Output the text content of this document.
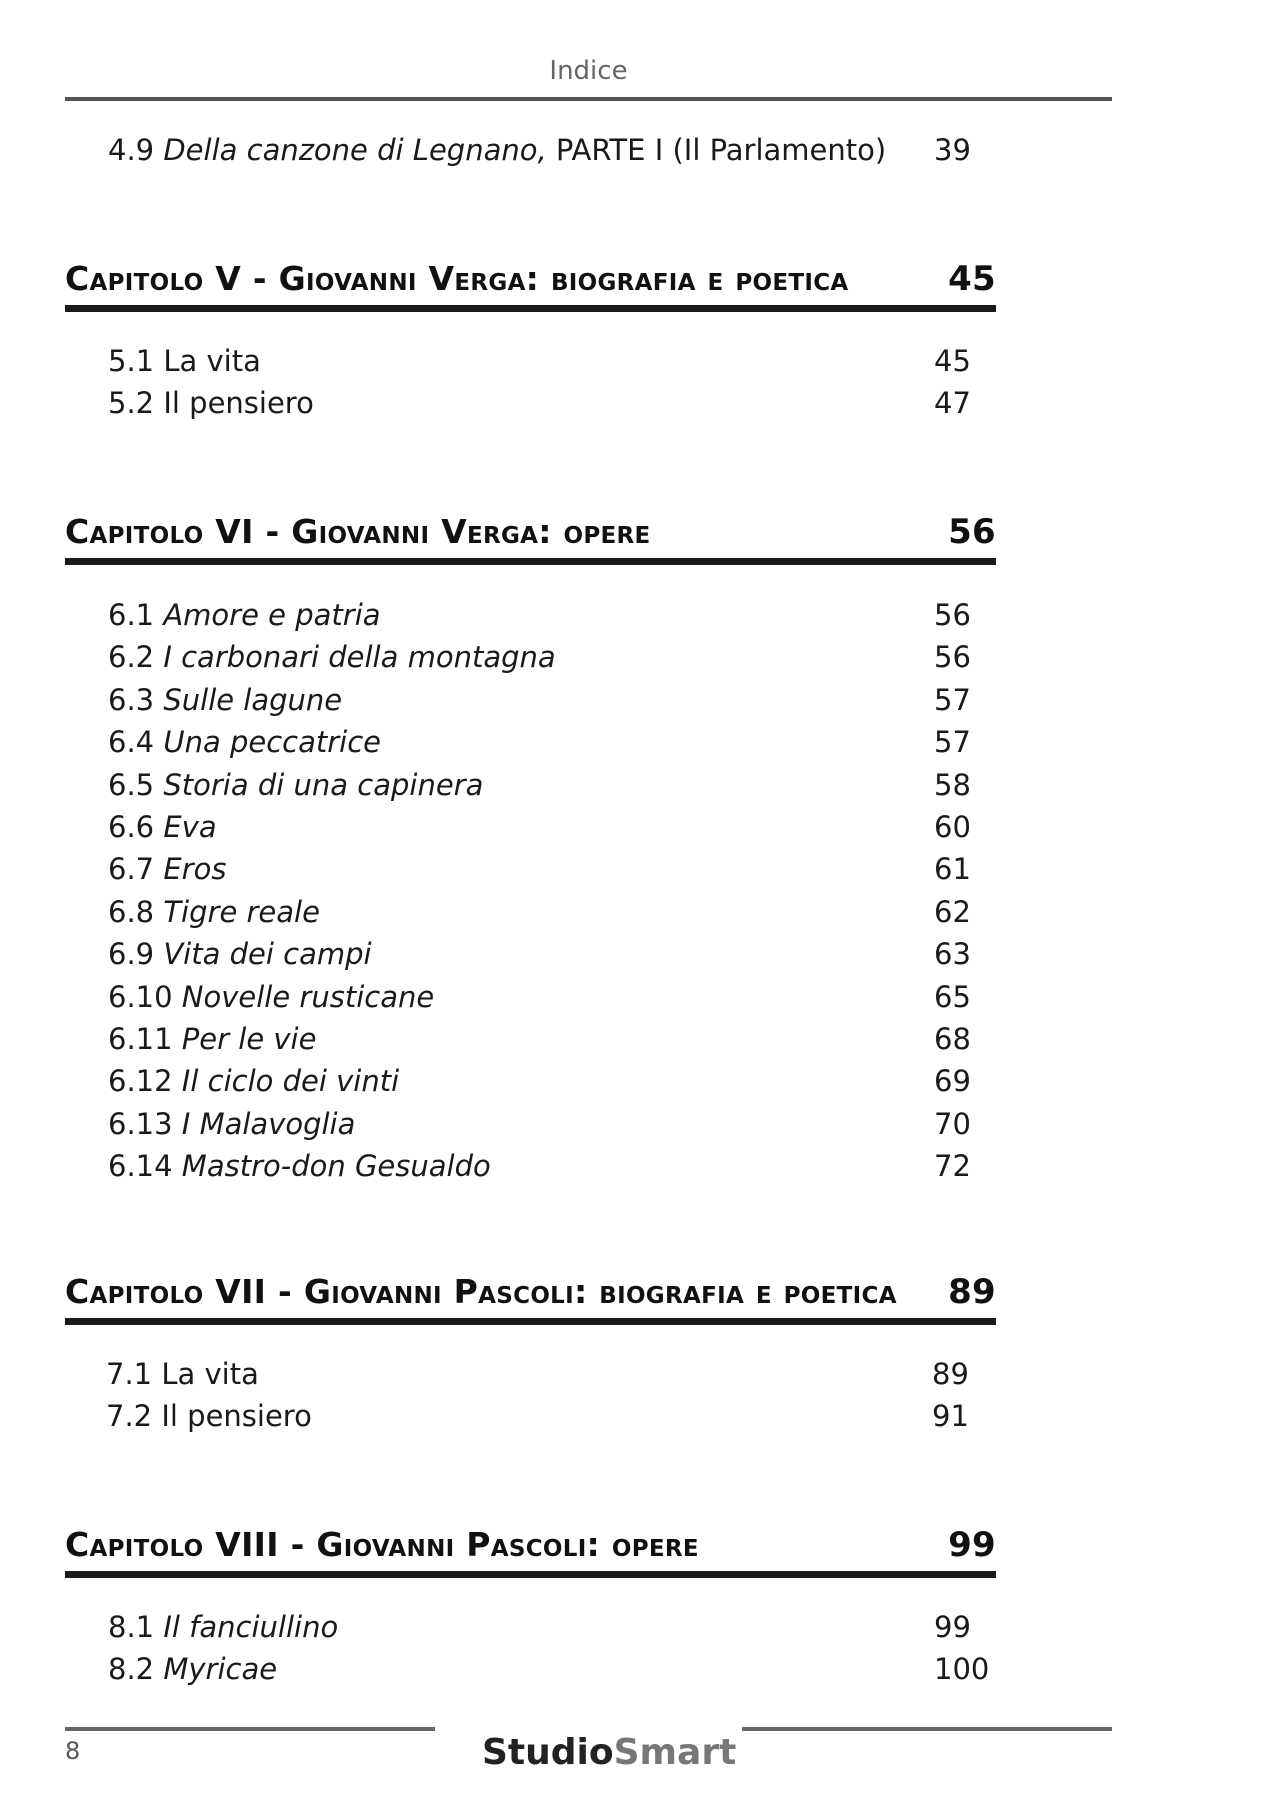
Indice
4.9 Della canzone di Legnano, PARTE I (Il Parlamento) 39
Capitolo V - Giovanni Verga: biografia e poetica	45
5.1 La vita	45
5.2 Il pensiero	47
Capitolo VI - Giovanni Verga: opere	56
6.1 Amore e patria	56
6.2 I carbonari della montagna	56
6.3 Sulle lagune	57
6.4 Una peccatrice	57
6.5 Storia di una capinera	58
6.6 Eva	60
6.7 Eros	61
6.8 Tigre reale	62
6.9 Vita dei campi	63
6.10 Novelle rusticane	65
6.11 Per le vie	68
6.12 Il ciclo dei vinti	69
6.13 I Malavoglia	70
6.14 Mastro-don Gesualdo	72
Capitolo VII - Giovanni Pascoli: biografia e poetica 89
7.1 La vita	89
7.2 Il pensiero	91
Capitolo VIII - Giovanni Pascoli: opere	99
8.1 Il fanciullino	99
8.2 Myricae	100
8	StudioSmart
